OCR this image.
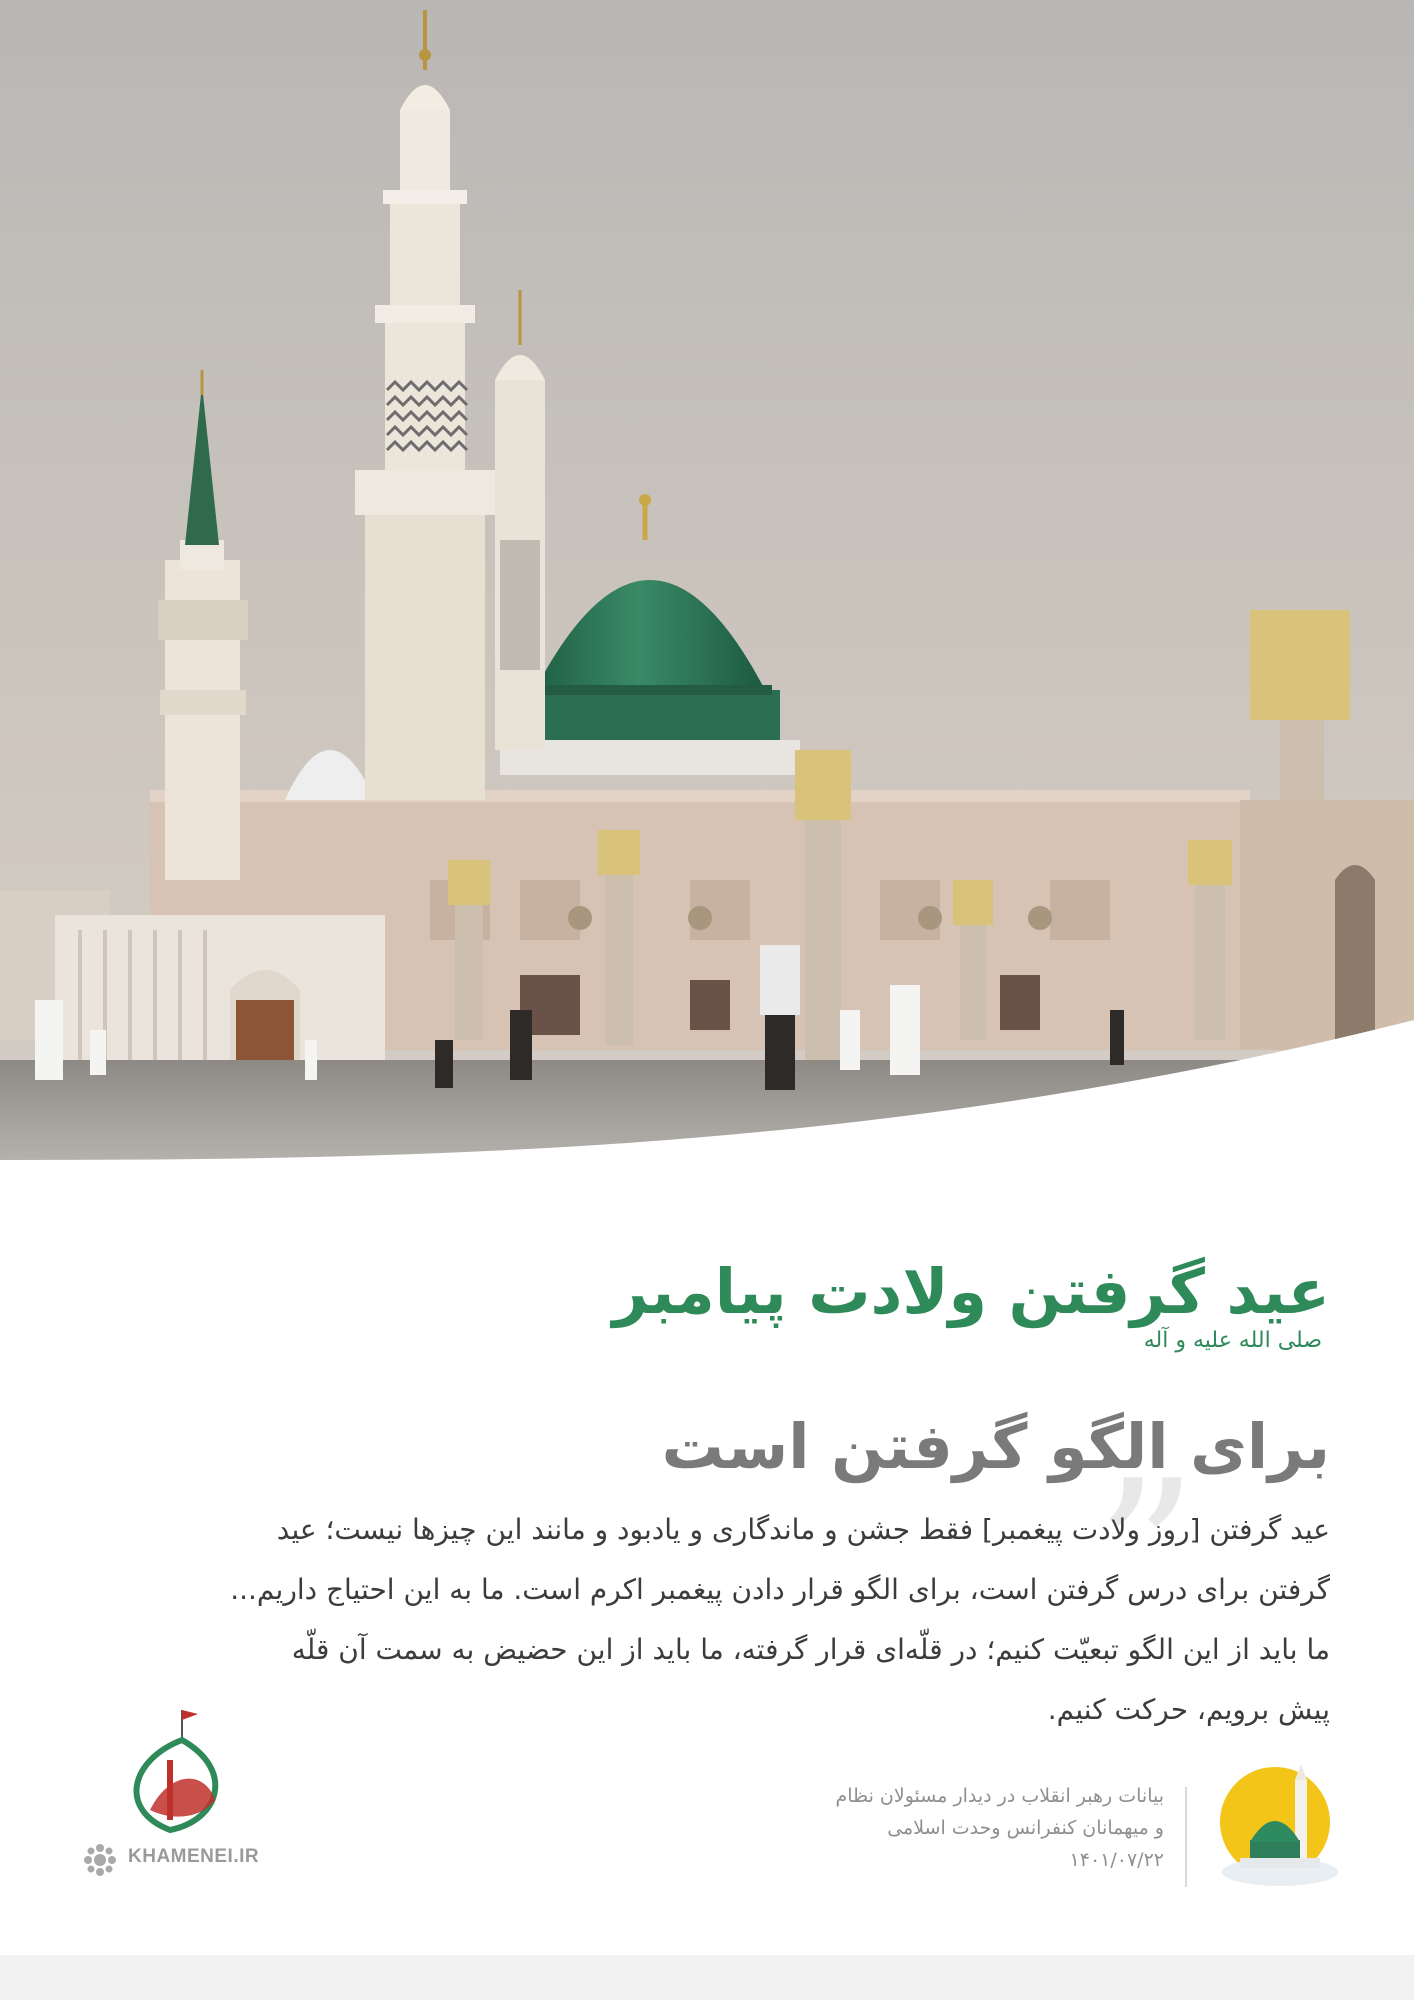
عید گرفتن ولادت پیامبرصلی الله علیه و آله
برای الگو گرفتن است
”
عید گرفتن [روز ولادت پیغمبر] فقط جشن و ماندگاری و یادبود و مانند این چیزها نیست؛ عید
گرفتن برای درس گرفتن است، برای الگو قرار دادن پیغمبر اکرم است. ما به این احتیاج داریم...
ما باید از این الگو تبعیّت کنیم؛ در قلّه‌ای قرار گرفته، ما باید از این حضیض به سمت آن قلّه
پیش برویم، حرکت کنیم.
بیانات رهبر انقلاب در دیدار مسئولان نظام
و میهمانان کنفرانس وحدت اسلامی
۱۴۰۱/۰۷/۲۲
KHAMENEI.IR
